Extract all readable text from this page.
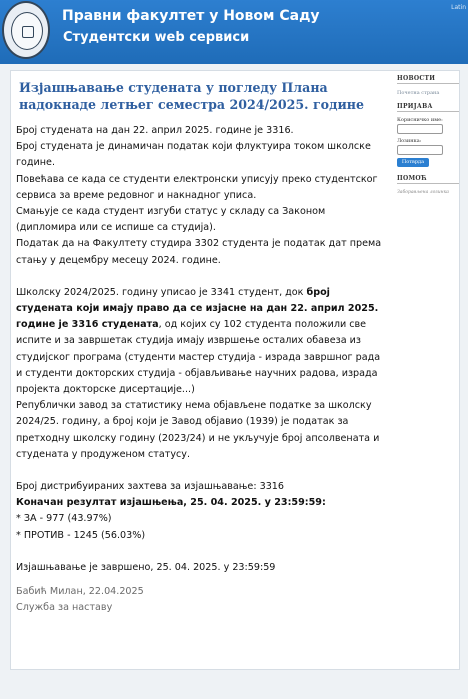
Правни факултет у Новом Саду
Студентски web сервиси
Latin
Изјашњавање студената у погледу Плана надокнаде летњег семестра 2024/2025. године

Број студената на дан 22. април 2025. године је 3316.

Број студената је динамичан податак који флуктуира током школске године.

Повећава се када се студенти електронски уписују преко студентског сервиса за време редовног и накнадног уписа.

Смањује се када студент изгуби статус у складу са Законом (дипломира или се испише са студија).

Податак да на Факултету студира 3302 студента је податак дат према стању у децембру месецу 2024. године.

Школску 2024/2025. годину уписао је 3341 студент, док број студената који имају право да се изјасне на дан 22. април 2025. године је 3316 студената, од којих су 102 студента положили све испите и за завршетак студија имају извршење осталих обавеза из студијског програма (студенти мастер студија - израда завршног рада и студенти докторских студија - објављивање научних радова, израда пројекта докторске дисертације...)

Републички завод за статистику нема објављене податке за школску 2024/25. годину, а број који је Завод објавио (1939) је податак за претходну школску годину (2023/24) и не укључује број апсолвената и студената у продуженом статусу.

Број дистрибуираних захтева за изјашњавање: 3316

Коначан резултат изјашњења, 25. 04. 2025. у 23:59:59:

* ЗА - 977 (43.97%)

* ПРОТИВ - 1245 (56.03%)

Изјашњавање је завршено, 25. 04. 2025. у 23:59:59

Бабић Милан, 22.04.2025

Служба за наставу

НОВОСТИ
Почетна страна
ПРИЈАВА
Корисничко име:
Лозинка:
Потврда
ПОМОЋ
Заборављена лозинка
